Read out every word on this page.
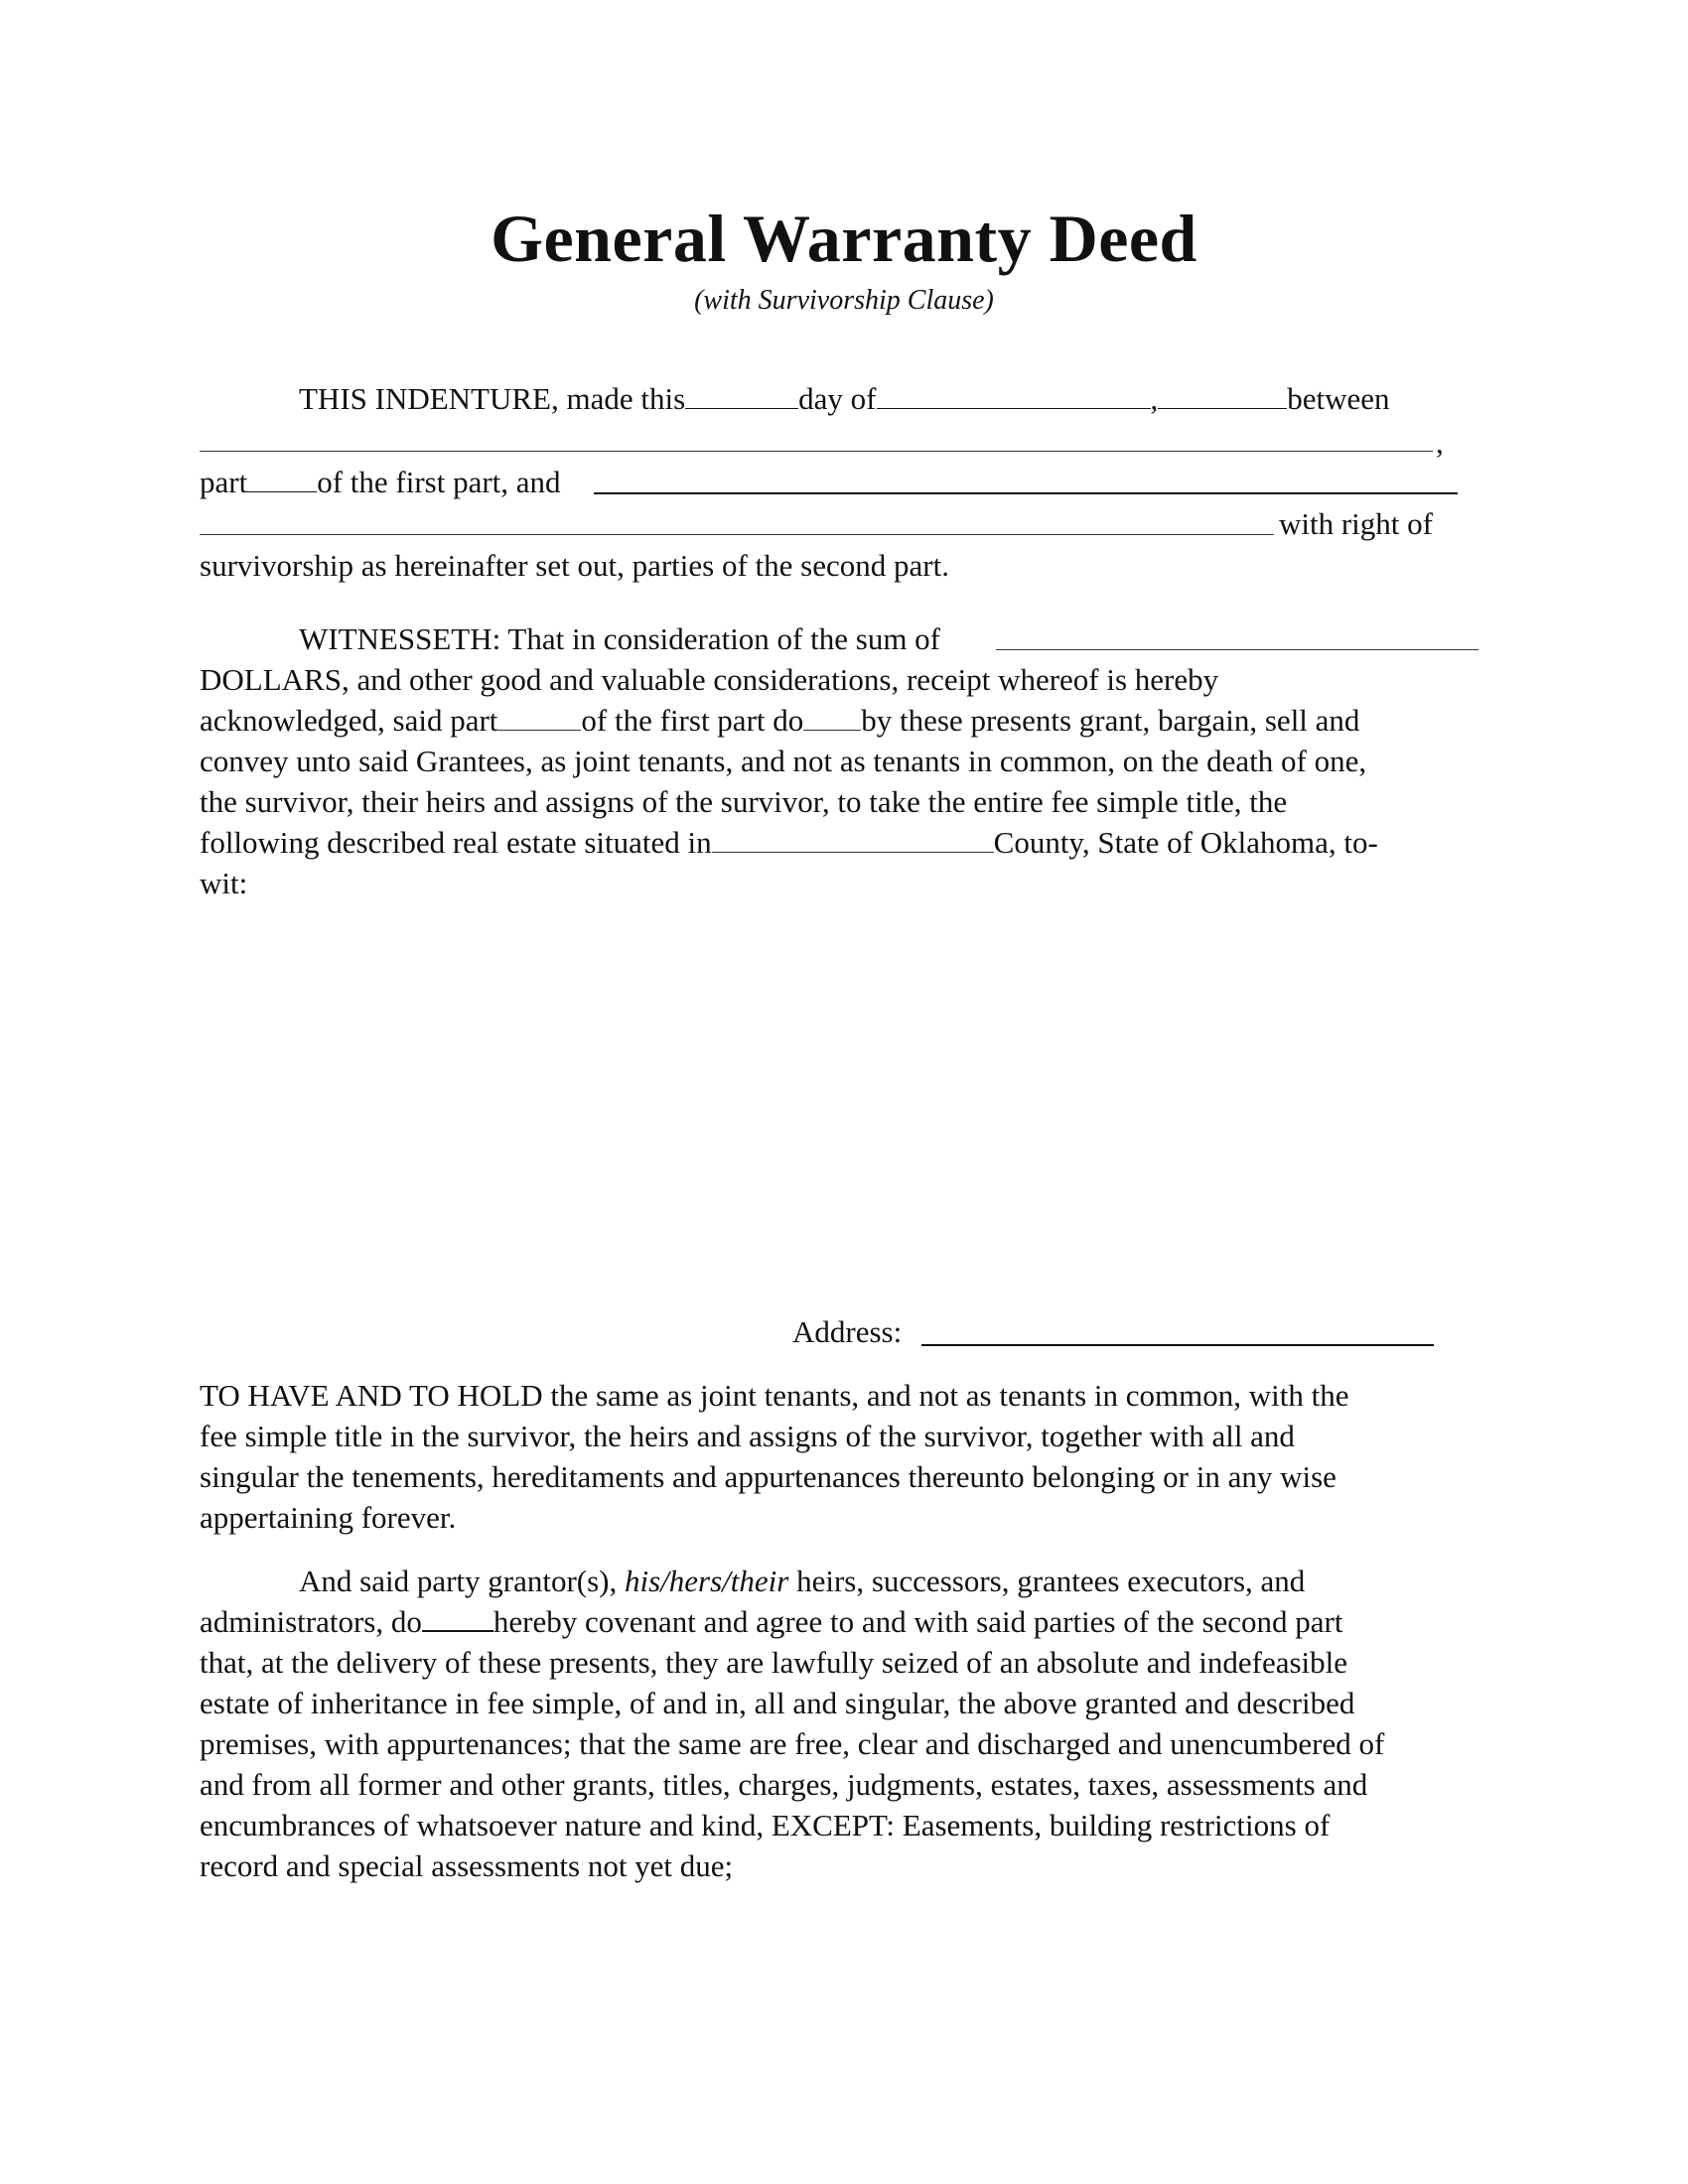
General Warranty Deed
(with Survivorship Clause)
THIS INDENTURE, made this	day of	,	between
,
part of the first part, and
with right of
survivorship as hereinafter set out, parties of the second part.
WITNESSETH: That in consideration of the sum of
DOLLARS, and other good and valuable considerations, receipt whereof is hereby
acknowledged, said part	of the first part do by these presents grant, bargain, sell and
convey unto said Grantees, as joint tenants, and not as tenants in common, on the death of one,
the survivor, their heirs and assigns of the survivor, to take the entire fee simple title, the
following described real estate situated in	County, State of Oklahoma, to-
wit:
Address:
TO HAVE AND TO HOLD the same as joint tenants, and not as tenants in common, with the
fee simple title in the survivor, the heirs and assigns of the survivor, together with all and
singular the tenements, hereditaments and appurtenances thereunto belonging or in any wise
appertaining forever.
And said party grantor(s), his/hers/their heirs, successors, grantees executors, and
administrators, do hereby covenant and agree to and with said parties of the second part
that, at the delivery of these presents, they are lawfully seized of an absolute and indefeasible
estate of inheritance in fee simple, of and in, all and singular, the above granted and described
premises, with appurtenances; that the same are free, clear and discharged and unencumbered of
and from all former and other grants, titles, charges, judgments, estates, taxes, assessments and
encumbrances of whatsoever nature and kind, EXCEPT: Easements, building restrictions of
record and special assessments not yet due;
